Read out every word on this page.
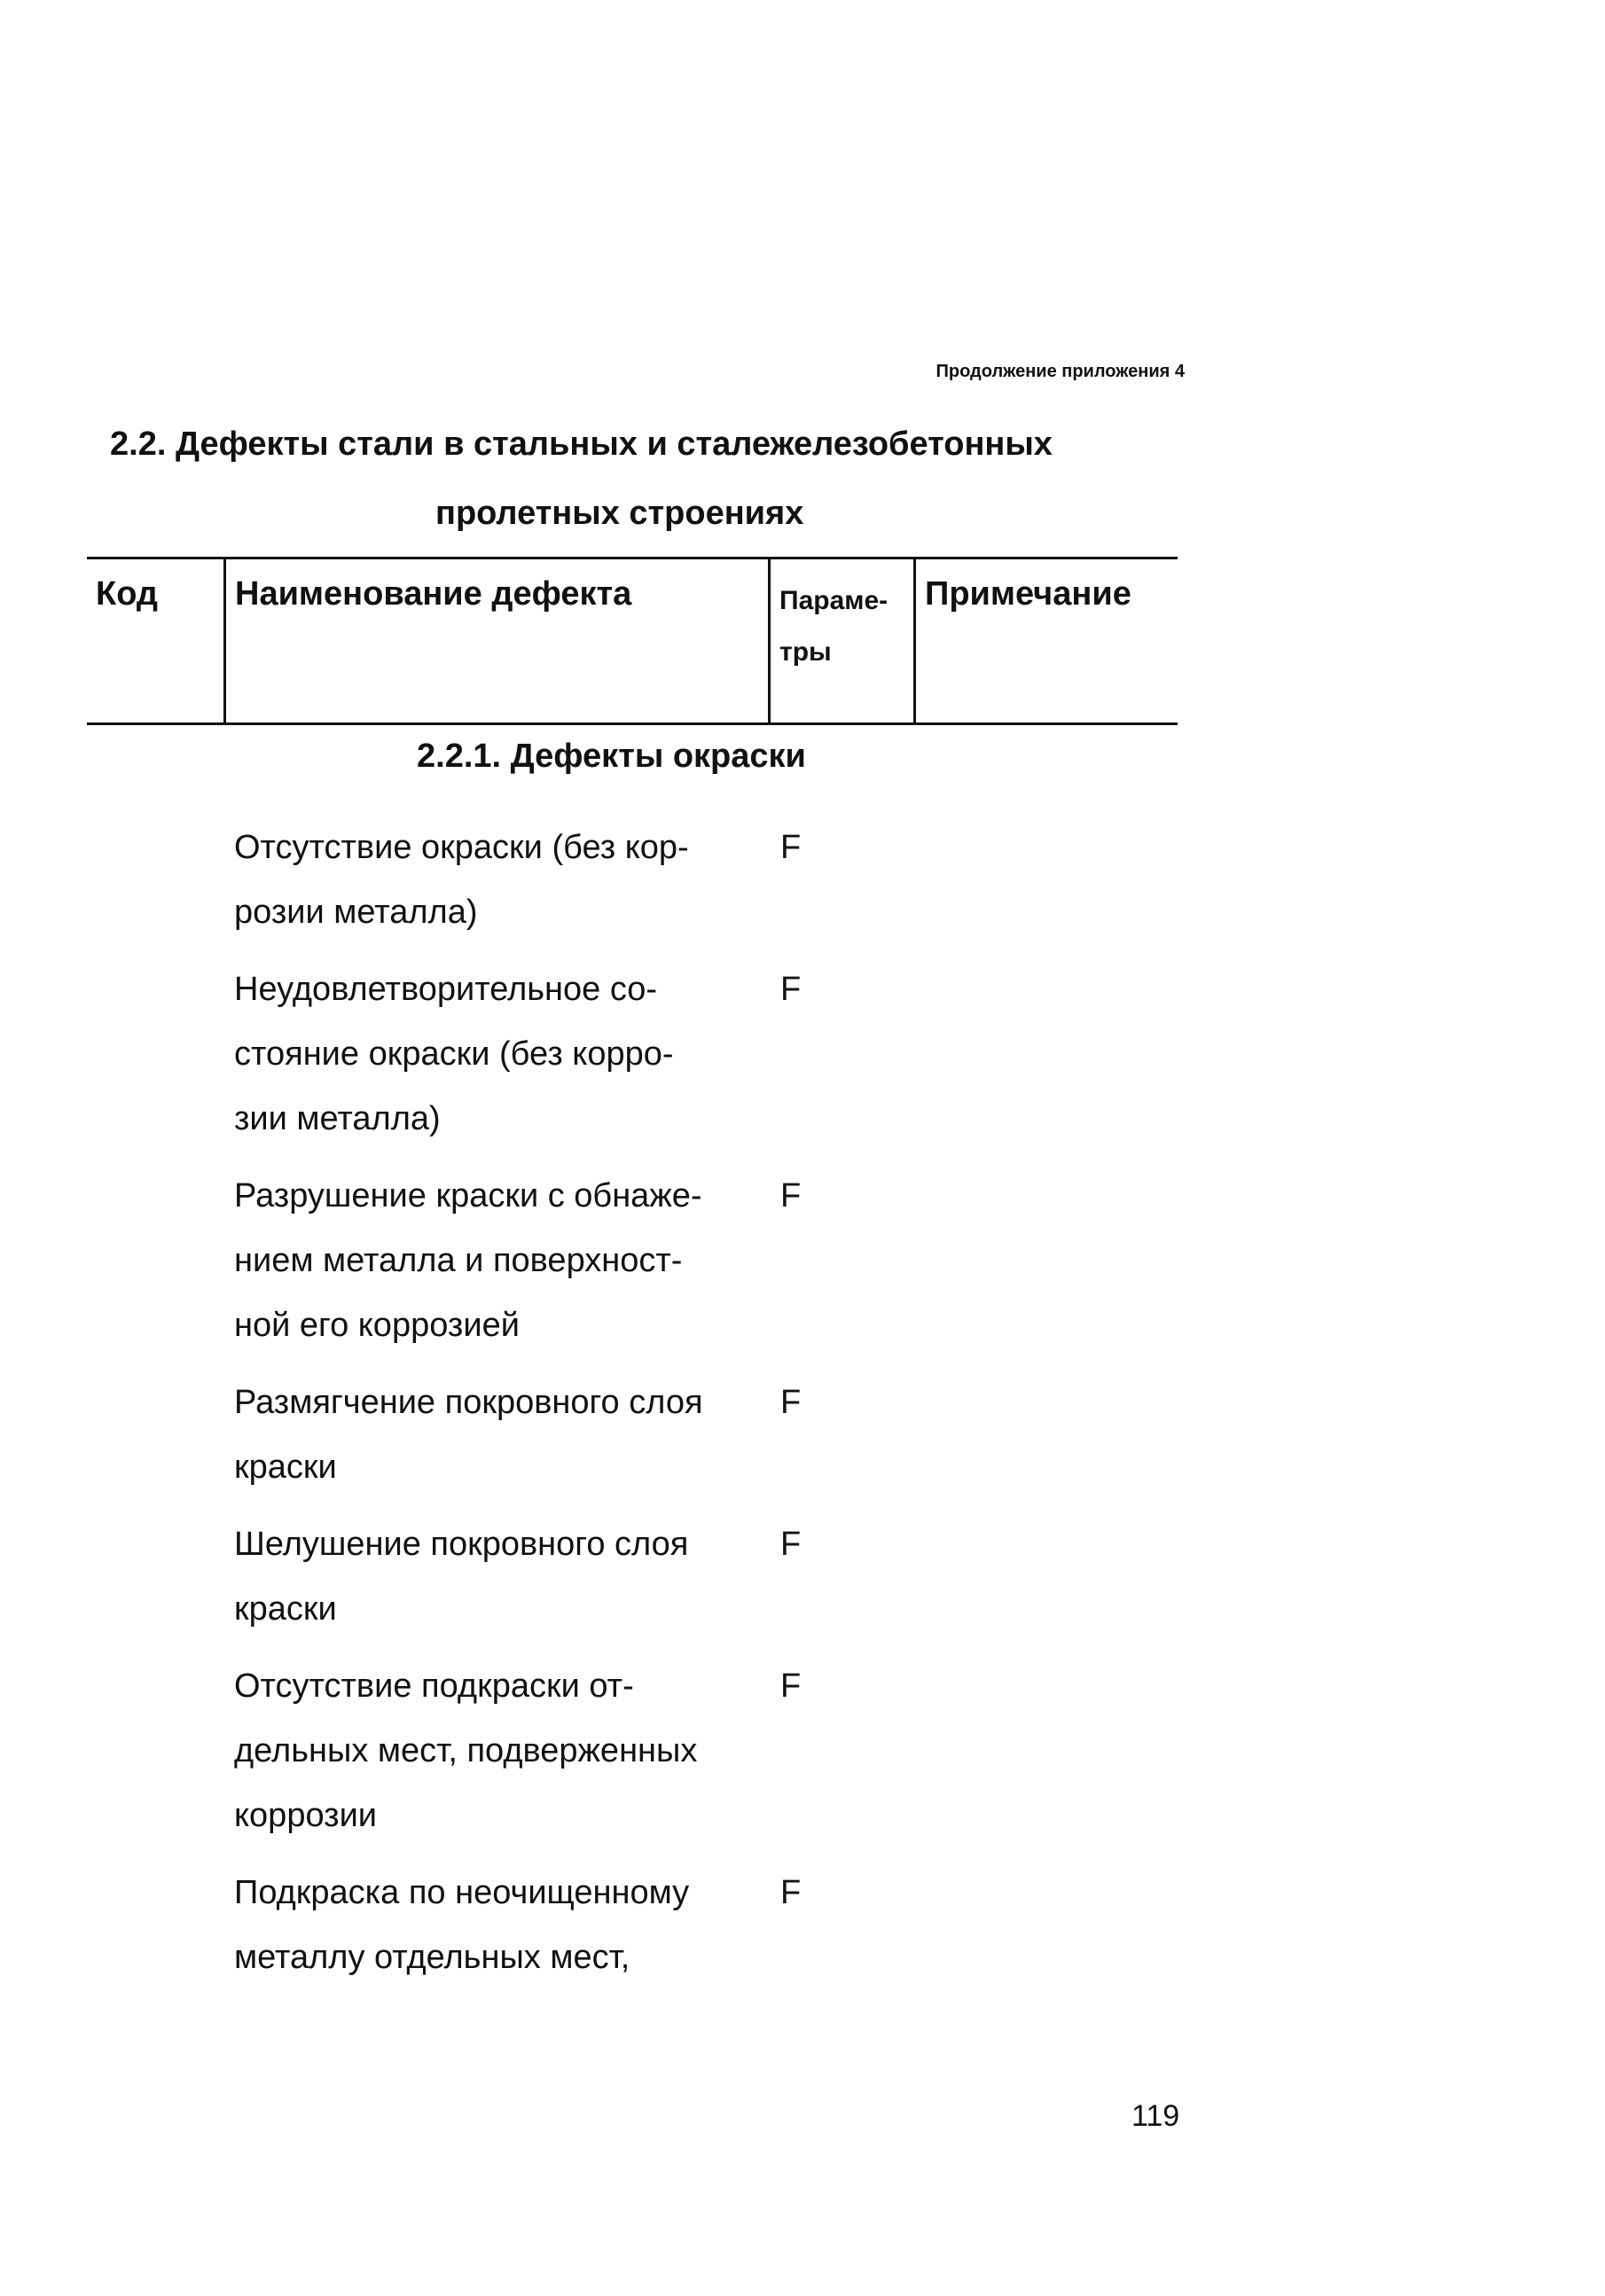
Продолжение приложения 4
2.2. Дефекты стали в стальных и сталежелезобетонных
пролетных строениях
Код Наименование дефекта	Параме-
тры
Примечание
2.2.1. Дефекты окраски
Отсутствие окраски (без кор-
розии металла)
F
Неудовлетворительное со-
стояние окраски (без корро-
зии металла)
F
Разрушение краски с обнаже-
нием металла и поверхност-
ной его коррозией
F
Размягчение покровного слоя
краски
F
Шелушение покровного слоя
краски
F
Отсутствие подкраски от-
дельных мест, подверженных
коррозии
F
Подкраска по неочищенному
металлу отдельных мест,
F
119
